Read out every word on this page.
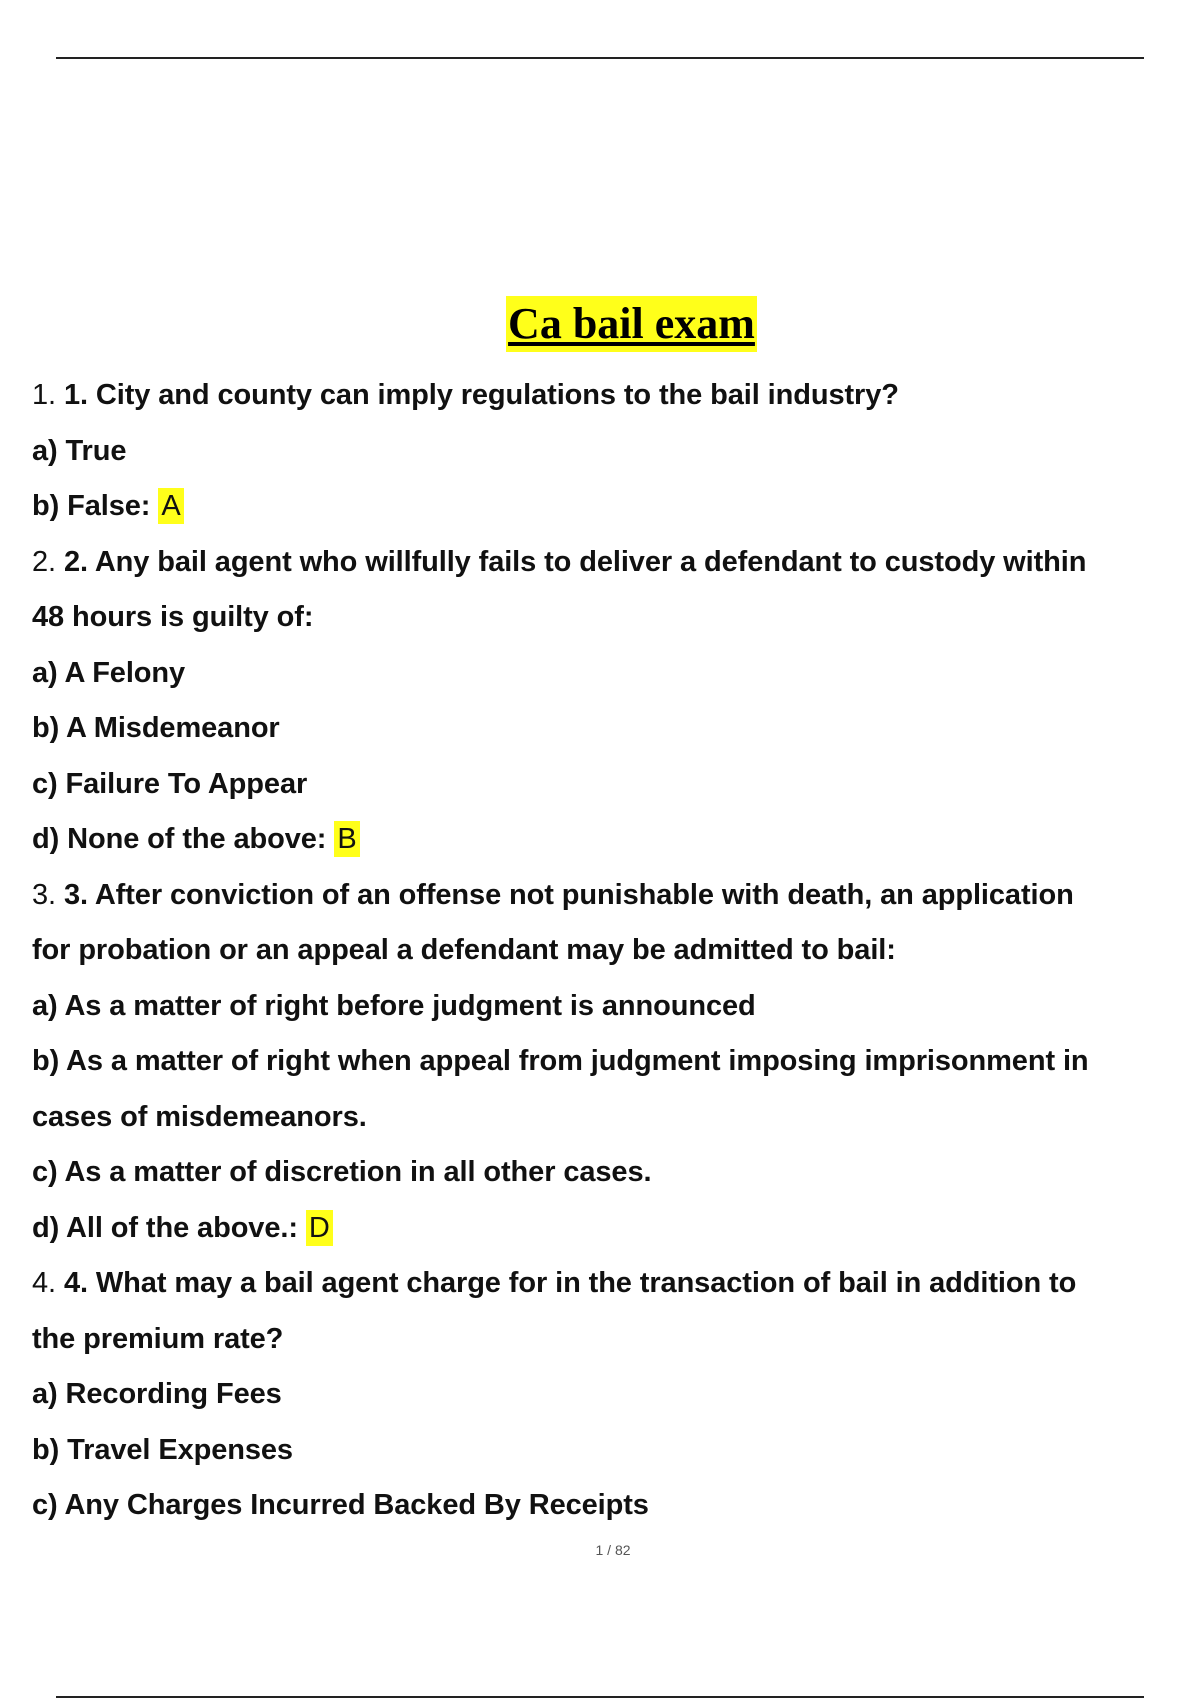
Ca bail exam
1. 1. City and county can imply regulations to the bail industry?
a) True
b) False: A
2. 2. Any bail agent who willfully fails to deliver a defendant to custody within
48 hours is guilty of:
a) A Felony
b) A Misdemeanor
c) Failure To Appear
d) None of the above: B
3. 3. After conviction of an offense not punishable with death, an application
for probation or an appeal a defendant may be admitted to bail:
a) As a matter of right before judgment is announced
b) As a matter of right when appeal from judgment imposing imprisonment in
cases of misdemeanors.
c) As a matter of discretion in all other cases.
d) All of the above.: D
4. 4. What may a bail agent charge for in the transaction of bail in addition to
the premium rate?
a) Recording Fees
b) Travel Expenses
c) Any Charges Incurred Backed By Receipts
1 / 82
